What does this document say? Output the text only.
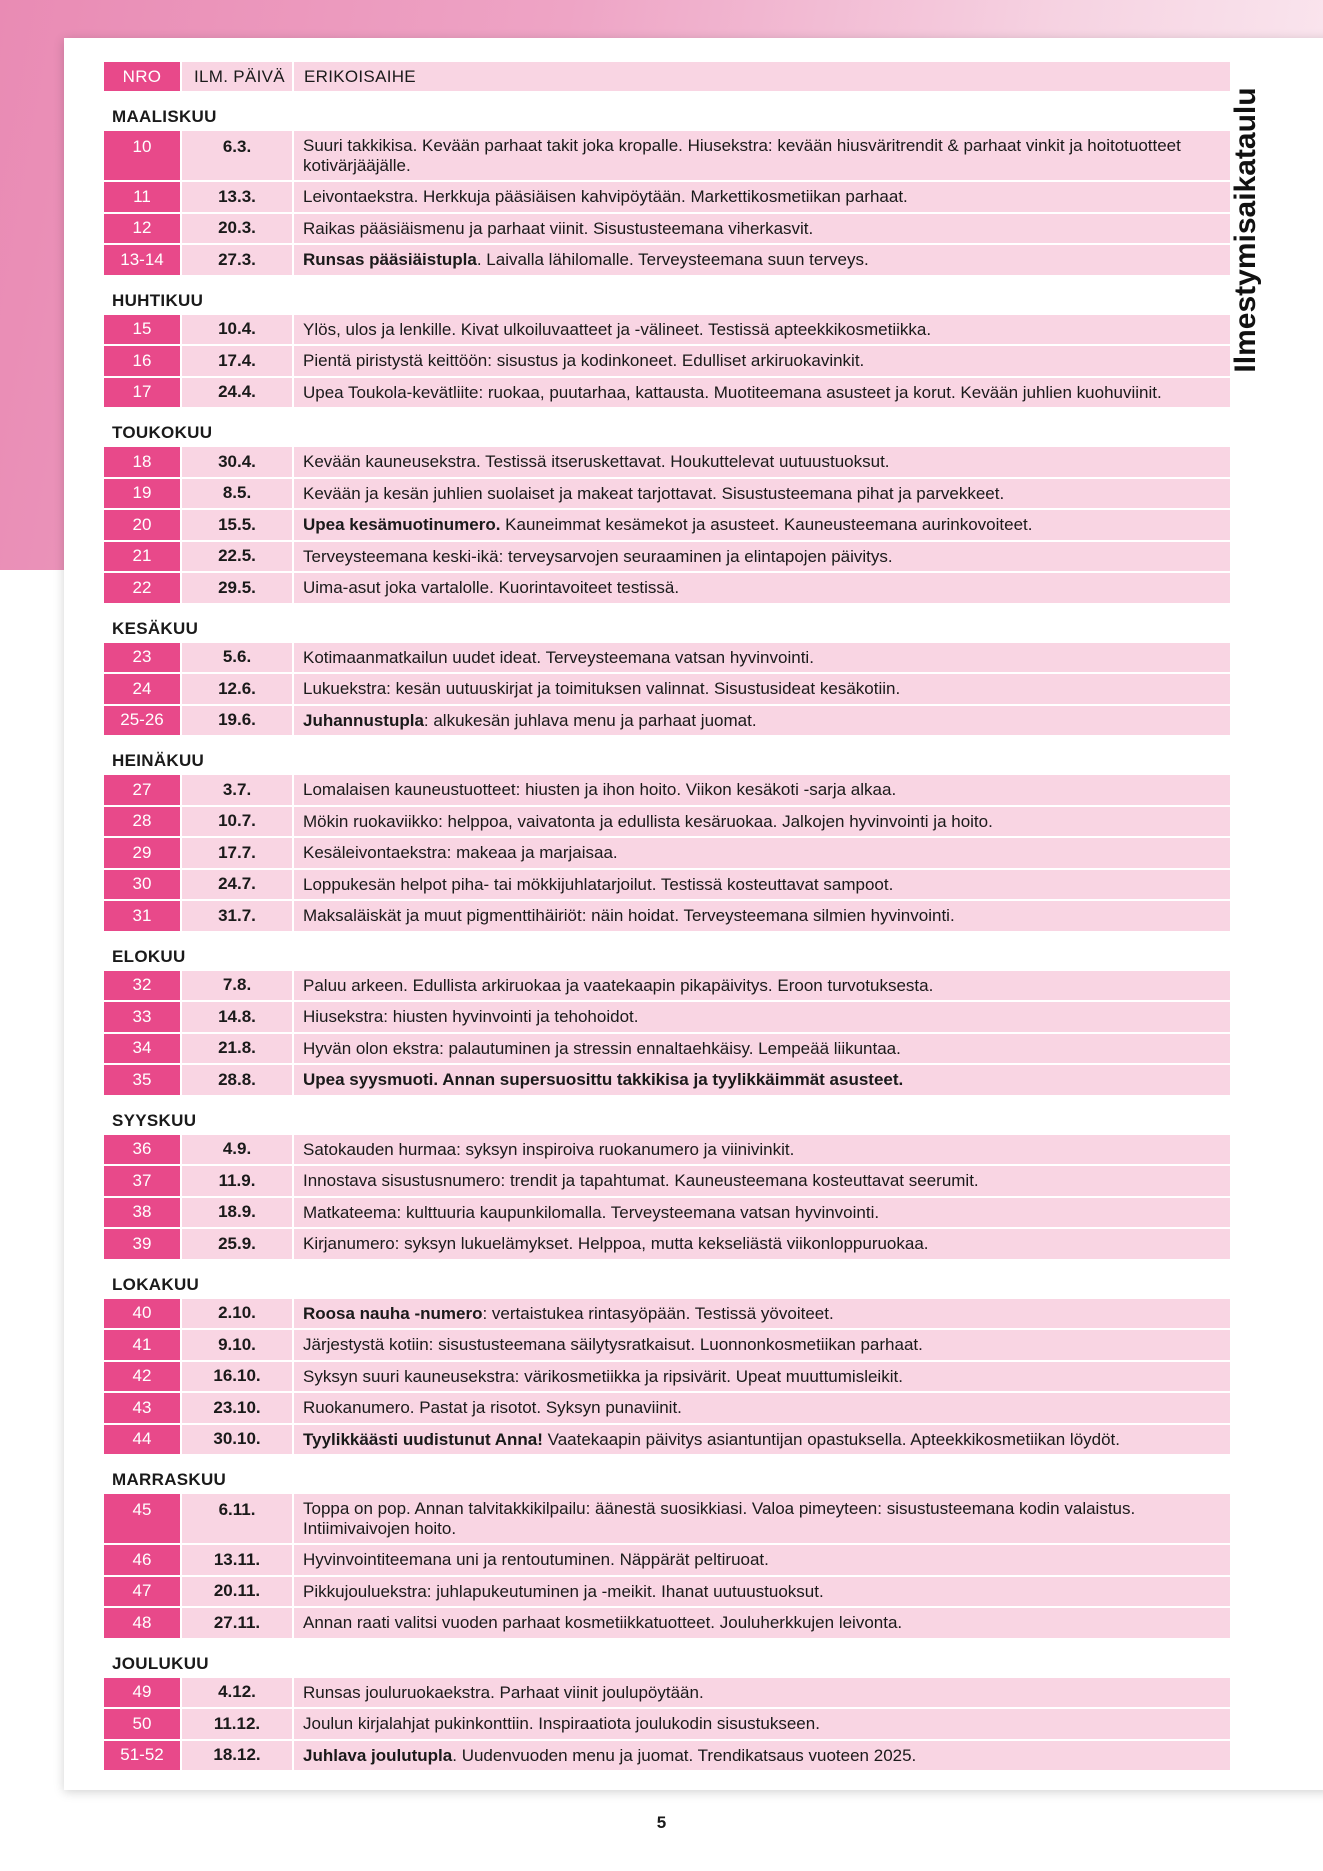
NRO	ILM. PÄIVÄ	ERIKOISAIHE
MAALISKUU
10	6.3.	Suuri takkikisa. Kevään parhaat takit joka kropalle. Hiusekstra: kevään hiusväritrendit & parhaat vinkit ja hoitotuotteet kotivärjääjälle.
11	13.3.	Leivontaekstra. Herkkuja pääsiäisen kahvipöytään. Markettikosmetiikan parhaat.
12	20.3.	Raikas pääsiäismenu ja parhaat viinit. Sisustusteemana viherkasvit.
13-14	27.3.	Runsas pääsiäistupla. Laivalla lähilomalle. Terveysteemana suun terveys.
HUHTIKUU
15	10.4.	Ylös, ulos ja lenkille. Kivat ulkoiluvaatteet ja -välineet. Testissä apteekkikosmetiikka.
16	17.4.	Pientä piristystä keittöön: sisustus ja kodinkoneet. Edulliset arkiruokavinkit.
17	24.4.	Upea Toukola-kevätliite: ruokaa, puutarhaa, kattausta. Muotiteemana asusteet ja korut. Kevään juhlien kuohuviinit.
TOUKOKUU
18	30.4.	Kevään kauneusekstra. Testissä itseruskettavat. Houkuttelevat uutuustuoksut.
19	8.5.	Kevään ja kesän juhlien suolaiset ja makeat tarjottavat. Sisustusteemana pihat ja parvekkeet.
20	15.5.	Upea kesämuotinumero. Kauneimmat kesämekot ja asusteet. Kauneusteemana aurinkovoiteet.
21	22.5.	Terveysteemana keski-ikä: terveysarvojen seuraaminen ja elintapojen päivitys.
22	29.5.	Uima-asut joka vartalolle. Kuorintavoiteet testissä.
KESÄKUU
23	5.6.	Kotimaanmatkailun uudet ideat. Terveysteemana vatsan hyvinvointi.
24	12.6.	Lukuekstra: kesän uutuuskirjat ja toimituksen valinnat. Sisustusideat kesäkotiin.
25-26	19.6.	Juhannustupla: alkukesän juhlava menu ja parhaat juomat.
HEINÄKUU
27	3.7.	Lomalaisen kauneustuotteet: hiusten ja ihon hoito. Viikon kesäkoti -sarja alkaa.
28	10.7.	Mökin ruokaviikko: helppoa, vaivatonta ja edullista kesäruokaa. Jalkojen hyvinvointi ja hoito.
29	17.7.	Kesäleivontaekstra: makeaa ja marjaisaa.
30	24.7.	Loppukesän helpot piha- tai mökkijuhlatarjoilut. Testissä kosteuttavat sampoot.
31	31.7.	Maksaläiskät ja muut pigmenttihäiriöt: näin hoidat. Terveysteemana silmien hyvinvointi.
ELOKUU
32	7.8.	Paluu arkeen. Edullista arkiruokaa ja vaatekaapin pikapäivitys. Eroon turvotuksesta.
33	14.8.	Hiusekstra: hiusten hyvinvointi ja tehohoidot.
34	21.8.	Hyvän olon ekstra: palautuminen ja stressin ennaltaehkäisy. Lempeää liikuntaa.
35	28.8.	Upea syysmuoti. Annan supersuosittu takkikisa ja tyylikkäimmät asusteet.
SYYSKUU
36	4.9.	Satokauden hurmaa: syksyn inspiroiva ruokanumero ja viinivinkit.
37	11.9.	Innostava sisustusnumero: trendit ja tapahtumat. Kauneusteemana kosteuttavat seerumit.
38	18.9.	Matkateema: kulttuuria kaupunkilomalla. Terveysteemana vatsan hyvinvointi.
39	25.9.	Kirjanumero: syksyn lukuelämykset. Helppoa, mutta kekseliästä viikonloppuruokaa.
LOKAKUU
40	2.10.	Roosa nauha -numero: vertaistukea rintasyöpään. Testissä yövoiteet.
41	9.10.	Järjestystä kotiin: sisustusteemana säilytysratkaisut. Luonnonkosmetiikan parhaat.
42	16.10.	Syksyn suuri kauneusekstra: värikosmetiikka ja ripsivärit. Upeat muuttumisleikit.
43	23.10.	Ruokanumero. Pastat ja risotot. Syksyn punaviinit.
44	30.10.	Tyylikkäästi uudistunut Anna! Vaatekaapin päivitys asiantuntijan opastuksella. Apteekkikosmetiikan löydöt.
MARRASKUU
45	6.11.	Toppa on pop. Annan talvitakkikilpailu: äänestä suosikkiasi. Valoa pimeyteen: sisustusteemana kodin valaistus. Intiimivaivojen hoito.
46	13.11.	Hyvinvointiteemana uni ja rentoutuminen. Näppärät peltiruoat.
47	20.11.	Pikkujouluekstra: juhlapukeutuminen ja -meikit. Ihanat uutuustuoksut.
48	27.11.	Annan raati valitsi vuoden parhaat kosmetiikkatuotteet. Jouluherkkujen leivonta.
JOULUKUU
49	4.12.	Runsas jouluruokaekstra. Parhaat viinit joulupöytään.
50	11.12.	Joulun kirjalahjat pukinkonttiin. Inspiraatiota joulukodin sisustukseen.
51-52	18.12.	Juhlava joulutupla. Uudenvuoden menu ja juomat. Trendikatsaus vuoteen 2025.
Ilmestymisaikataulu
5
